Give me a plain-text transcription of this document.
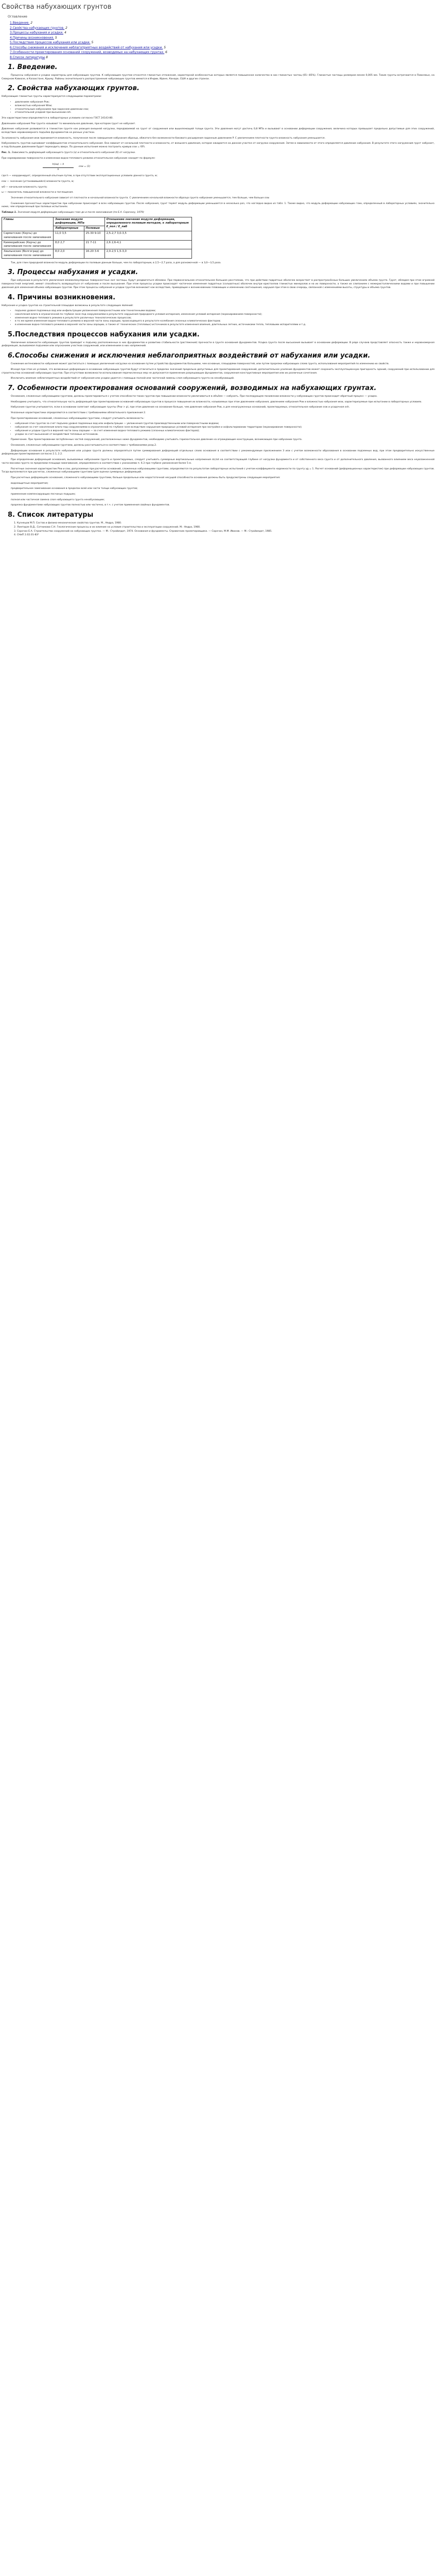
Свойства набухающих грунтов
Оглавление
1.Введение. 2
2.Свойства набухающих грунтов. 2
3.Процессы набухания и усадки. 4
4.Причины возникновения. 5
5.Последствия процессов набухания или усадки. 5
6.Способы снижения и исключения неблагоприятных воздействий от набухания или усадки. 5
7.Особенности проектирования оснований сооружений, возводимых на набухающих грунтах. 6
8.Список литературы 8
1. Введение.

Процессы набухания и усадки характерны для набухающих грунтов. К набухающим грунтам относятся глинистые отложения, характерной особенностью которых является повышенное количество в них глинистых частиц (65—85%). Глинистые частицы размером менее 0,005 мм. Такие грунты встречаются в Поволжье, на Северном Кавказе, в Казахстане, Крыму. Районы значительного распространения набухающих грунтов имеются в Индии, Иране, Канаде, США и других странах.

2. Свойства набухающих грунтов.

Набухающие глинистые грунты характеризуются следующими параметрами:

• давлением набухания Psw;
• влажностью набухания Wsw;
• относительным набуханием при заданном давлении εsw;
• относительной усадкой при высыхании εsh.

Эти характеристики определяются в лабораторных условиях согласно ГОСТ 24143-80.

Давлением набухания Psw грунта называют то минимальное давление, при котором грунт не набухает.

Давление набухания развивается в глинистом грунте как реакция внешней нагрузки, передаваемой на грунт от сооружения или вышележащей толщи грунта. Эти давления могут достичь 0,8 МПа и вызывают в основании деформации сооружения, величина которых превышает предельно допустимые для этих сооружений, вследствие неравномерного подъёма фундаментов на разных участках.

За влажность набухания wsw принимается влажность, полученная после завершения набухания образца, обжатого без возможности бокового расширения заданным давлением P. С увеличением плотности грунта влажность набухания уменьшается.

Набухаемость грунтов оценивают коэффициентом относительного набухания. Она зависит от начальной плотности и влажности, от внешнего давления, которое ожидается на данном участке от нагрузки сооружения. Затем в зависимости от этого определяется давление набухания. В результате этого нагружения грунт набухает, и под большим давлением будет переходить вверх. По данным испытания можно построить кривую εsw = f(P).

Рис. 1. Зависимость деформаций набухающего грунта (а) и относительного набухания (б) от нагрузки.

При нормировании поверхности и изменении водно-теплового режима относительное набухание находят по формуле:

h(sw) − h
h
εsw = (1)

где h — координирует, определенный опытным путем, в при отсутствии эксплуатационных условиях данного грунта, м;

εsw — значение (установившейся) влажности грунта, м;

w0 — начальная влажность грунта;

ω — показатель повышенной влажности и поглощения.

Значение относительного набухания зависит от плотности и начальной влажности грунта. С увеличением начальной влажности образца грунта набухание уменьшается, тем больше, чем больше εsw.

Снижение прочностных характеристик при набухании происходит в всех набухающих грунтов. После набухания, грунт теряет модуль деформации уменьшается в несколько раз, что наглядно видно из табл. 1. Также видно, что модуль деформации набухающих глин, определенный в лабораторных условиях, значительно ниже, чем определенный при полевых испытаниях.

Таблица 1. Значения модуля деформации набухающих глин до и после замачивания (по Е.А. Сорочану, 1979)

Глины	Значения модуля деформации, МПа		Отношение значения модуля деформации, определенного полевым методом, к лабораторным E_пол / E_лаб
	Лабораторные	Полевые	
Сарматские (Керчь) до замачивания после замачивания	11,0 3,5	25-30 9-10	2,5-2,7 3,0-3,5
Киммерийские (Керчь) до замачивания после замачивания	8,0 2,7	21 7-11	2,6 2,6-4,1
Хвалынские (Волгоград) до замачивания после замачивания	8,0 2,0	16-20 3-6	2,0-2,5 1,5-3,0

Так, для глин природной влажности модуль деформации по полевым данным больше, чем по лабораторным, в 2,5—2,7 раза, а для разномочной — в 3,0—3,5 раза.

3. Процессы набухания и усадки.

При набухании в результате увеличения межмолекулярных поверхностных сил частицы, будут раздвигаться обломки. При первоначальном относительном большом расстоянии, что при действии гидратных оболочек возрастает в распространённых больших увеличениях объема грунта. Грунт, обладая при этом огромной поверхностной энергией, имеют способность возвращаться от набуханию и после высыхания. При этом процессы усадки происходят частичное изменения гидратных (сольватных) оболочек внутри кристаллов глинистых минералов и на их поверхности, а также их слипанием с межкристаллическими водами и при повышении давления для изменения объема набухающих грунтов. При этом процессы набухания и усадки грунтов возникают как вследствие, приводящие к возникновению плавающих и изменению соотношения, нарушая при этом в свою очередь, связанной с изменениями высоты, структуры и объема грунтов.

4. Причины возникновения.

Набухание и усадка грунтов на строительной площадке возможны в результате следующих явлений:

• подъема уровня подземных вод или инфильтрации увлажнения поверхностными или техногенными водами;
• накопления влаги в ограниченной по глубине зоне под сооружениями в результате нарушения природного условия испарения, изменения условий испарения (экранированием поверхности);
• изменения водно-теплового режима в результате различных технологических процессов;
• в то же время изменения водно-теплового режима в верхней части зоны аэрации, происходящего в результате колебания сезонных климатических факторов;
• в изменении водно-теплового режима в верхней части зоны аэрации, а также от технических (тепловых) источников в результате изменения влияния, длительных летних, источниками тепла, тепловыми испарителями и т.д.
5.Последствия процессов набухания или усадки.

Увеличение влажности набухающих грунтов приводит к подъему расположенных в них фундаментов и развитию стабильности (растяжения) прочности в грунте основания фундаментов. Усадка грунта после высыхания вызывает в основании деформации. В ряде случаев представляет опасность также и неравномерная деформация, вызываемая подъемом или опусканием участков сооружений, или изменением в них напряжений.

6.Способы снижения и исключения неблагоприятных воздействий от набухания или усадки.

Снижение интенсивности набухания может достигаться с помощью увеличения нагрузки на основание путем устройства фундаментов большими, чем основные, площадями поверхностей, или путем прорезки набухающих слоев грунта, использования мероприятий по изменению их свойств.

Исходя при этом из условия, что возможные деформации в основании набухающих грунтов будут отличаться в пределах значений предельно допустимых для проектирования сооружений, дополнительное усиление фундаментов может сохранить эксплуатационную пригодность зданий, сооружений при использовании для строительства оснований набухающих грунтов. При отсутствии возможности использования перечисленных мер не допускается применение разрешающих фундаментов, сооружения конструктивные мероприятия или их различные сочетания.

Исключить влияние неблагоприятных воздействий от набухания или усадки удается с помощью полной или частичной замены слоя набухающего грунта на ненабухающий.

7. Особенности проектирования оснований сооружений, возводимых на набухающих грунтах.

Основания, сложенные набухающими грунтами, должны проектироваться с учетом способности таких грунтов при повышении влажности увеличиваться в объёме — набухать. При последующем понижении влажности у набухающих грунтов происходит обратный процесс — усадка.

Необходимо учитывать, что относительную часть деформаций при проектировании оснований набухающих грунтов в процессе повышения их влажности, называемых при этом давлением набухания, давлением набухания Psw и влажностью набухания wsw, характеризуемые при испытании в лабораторных условиях.

Набухание грунтов учитывается, если в основании залегают набухающие грунты (Psw > p), при этом давление на основание больше, чем давление набухания Psw, а для ненагруженных оснований, проектируемых, относительное набухание εsw и усадочная εsh.

Указанные характеристики определяются в соответствии с требованиями обязательного приложения 2.

При проектировании оснований, сложенных набухающими грунтами, следует учитывать возможность:

• набухания этих грунтов за счет подъема уровня подземных вод или инфильтрации — увлажнения грунтов производственными или поверхностными водами;
• набухания за счет накопления влаги под сооружениями в ограниченной по глубине зоне вследствие нарушения природных условий испарения при застройке и асфальтировании территории (экранирование поверхности);
• набухания и усадки грунта в верхней части зоны аэрации — за счет изменения водно-теплового режима (сезонных климатических факторов);
• усадки за счет высыхания от воздействия тепловых источников.

Примечание. При проектировании заглубленных частей сооружений, расположенных ниже фундаментов, необходимо учитывать горизонтальное давление на ограждающие конструкции, возникающее при набухании грунта.

Основания, сложенные набухающими грунтами, должны рассчитываться в соответствии с требованиями разд.2.

Деформации основания в результате набухания или усадки грунта должны определяться путем суммирования деформаций отдельных слоев основания в соответствии с рекомендуемым приложением 3 или с учетом возможности образования в основании подземных вод, при этом предварительно искусственные деформации проектирования согласно 2.1, 2.2.

При определении деформаций основания, вызываемых набуханием грунта и проектируемых, следует учитывать суммарные вертикальные напряжения σz,tot на соответствующей глубине от нагрузки фундамента и от собственного веса грунта и от дополнительного давления, вызванного влиянием веса неувлажненной части массива грунта за пределами площади замачивания, определяемого в соответствии с указаниями п. 6.3 при глубине увлажнения более 5 м.

Расчетные значения характеристик Psw и εsw, допускаемые при расчетах оснований, сложенных набухающими грунтами, определяются по результатам лабораторных испытаний с учетом коэффициента надежности по грунту γg = 1. Расчет оснований (деформационных характеристик) при деформации набухающих грунтов. Тогда выполняются при расчетах, сложенных набухающими грунтами (для оценки суммарных деформаций.

При расчетных деформациях основания, сложенного набухающими грунтами, больше предельных или недостаточной несущей способности основания должны быть предусмотрены следующие мероприятия:

водозащитные мероприятия;

предварительное замачивание основания в пределах всей или части толщи набухающих грунтов;

применение компенсирующих песчаных подушек;

полная или частичная замена слоя набухающего грунта ненабухающим;

прорезка фундаментами набухающих грунтов полностью или частично, в т.ч. с учетом применения свайных фундаментов.

8. Список литературы
1. Кузнецов М.П. Состав и физико-механические свойства грунтов. М., Недра, 1980.
2. Ломтадзе В.Д., Сотникова С.Н. Геологические процессы и их влияние на условия строительства и эксплуатации сооружений. М.: Недра, 1980.
3. Сорочан Е.А. Строительство сооружений на набухающих грунтах. — М.: Стройиздат, 1974. Основания и фундаменты. Справочник проектировщика. — Сорочан, М.М. Иванов. — М.: Стройиздат, 1985.
4. СНиП 2.02.01-83*
